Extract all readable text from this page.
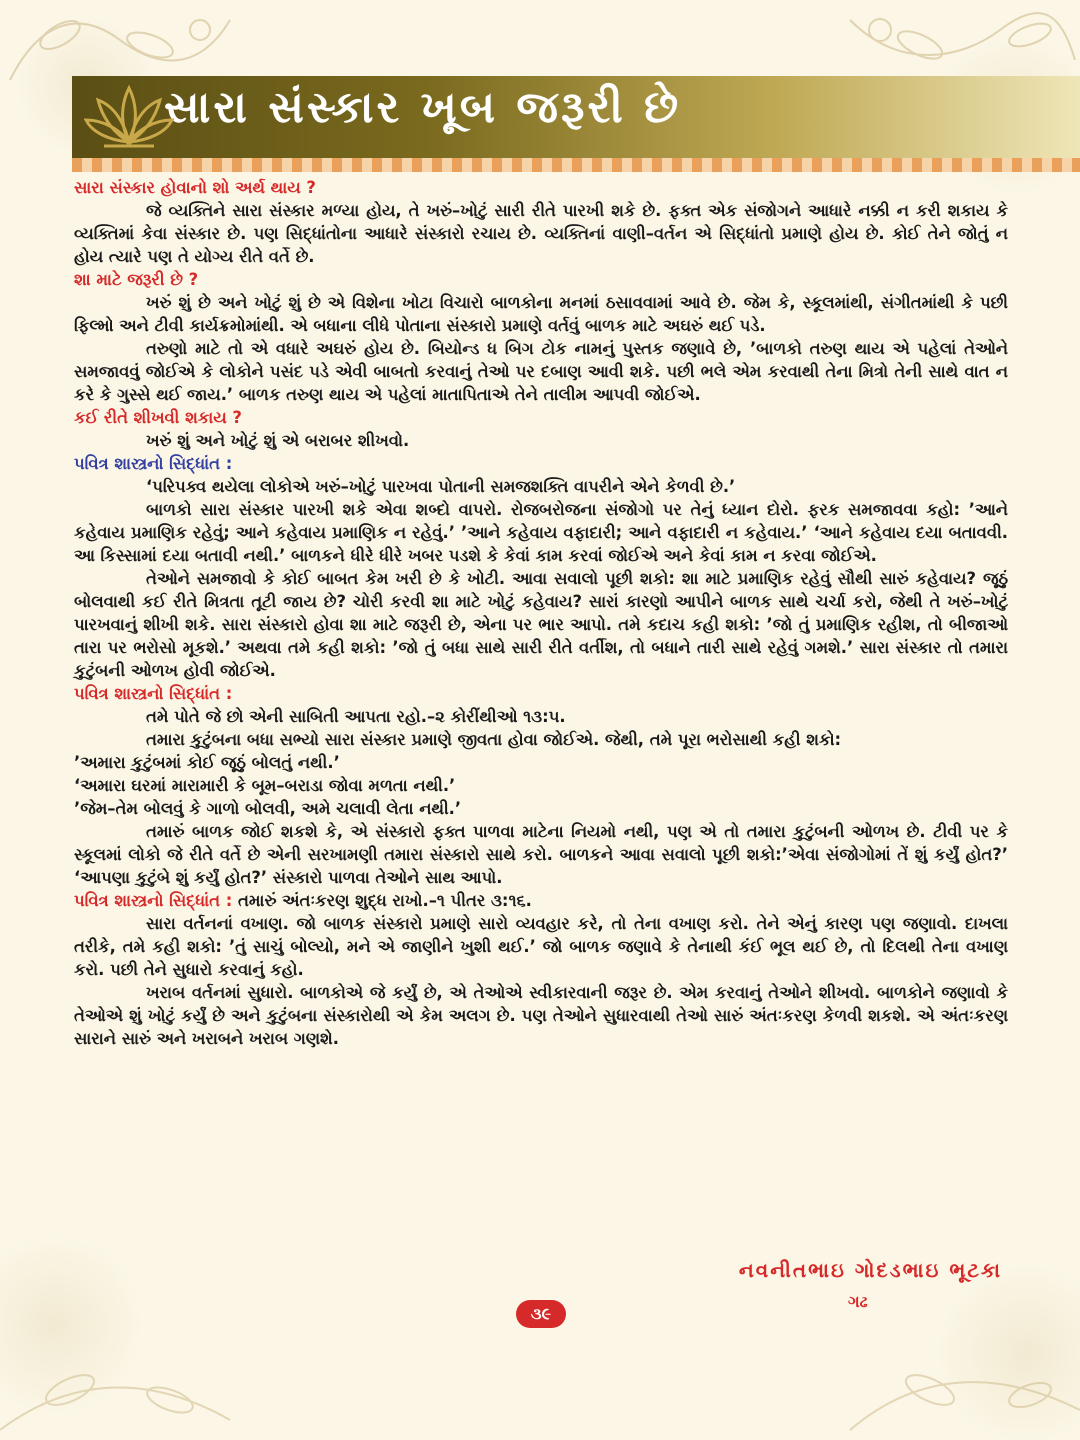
સારા સંસ્કાર ખૂબ જરૂરી છે

સારા સંસ્કાર હોવાનો શો અર્થ થાય ?

જે વ્યક્તિને સારા સંસ્કાર મળ્યા હોય, તે ખરું–ખોટું સારી રીતે પારખી શકે છે. ફક્ત એક સંજોગને આધારે નક્કી ન કરી શકાય કે વ્યક્તિમાં કેવા સંસ્કાર છે. પણ સિદ્ધાંતોના આધારે સંસ્કારો રચાય છે. વ્યક્તિનાં વાણી–વર્તન એ સિદ્ધાંતો પ્રમાણે હોય છે. કોઈ તેને જોતું ન હોય ત્યારે પણ તે યોગ્ય રીતે વર્તે છે.

શા માટે જરૂરી છે ?

ખરું શું છે અને ખોટું શું છે એ વિશેના ખોટા વિચારો બાળકોના મનમાં ઠસાવવામાં આવે છે. જેમ કે, સ્કૂલમાંથી, સંગીતમાંથી કે પછી ફિલ્મો અને ટીવી કાર્યક્રમોમાંથી. એ બધાના લીધે પોતાના સંસ્કારો પ્રમાણે વર્તવું બાળક માટે અઘરું થઈ પડે.

તરુણો માટે તો એ વધારે અઘરું હોય છે. બિયોન્ડ ધ બિગ ટોક નામનું પુસ્તક જણાવે છે, ’બાળકો તરુણ થાય એ પહેલાં તેઓને સમજાવવું જોઈએ કે લોકોને પસંદ પડે એવી બાબતો કરવાનું તેઓ પર દબાણ આવી શકે. પછી ભલે એમ કરવાથી તેના મિત્રો તેની સાથે વાત ન કરે કે ગુસ્સે થઈ જાય.’ બાળક તરુણ થાય એ પહેલાં માતાપિતાએ તેને તાલીમ આપવી જોઈએ.

કઈ રીતે શીખવી શકાય ?

ખરું શું અને ખોટું શું એ બરાબર શીખવો.

પવિત્ર શાસ્ત્રનો સિદ્ધાંત :

‘પરિપક્વ થયેલા લોકોએ ખરું–ખોટું પારખવા પોતાની સમજશક્તિ વાપરીને એને કેળવી છે.’

બાળકો સારા સંસ્કાર પારખી શકે એવા શબ્દો વાપરો. રોજબરોજના સંજોગો પર તેનું ધ્યાન દોરો. ફરક સમજાવવા કહો: ’આને કહેવાય પ્રમાણિક રહેવું; આને કહેવાય પ્રમાણિક ન રહેવું.’ ’આને કહેવાય વફાદારી; આને વફાદારી ન કહેવાય.’ ‘આને કહેવાય દયા બતાવવી. આ કિસ્સામાં દયા બતાવી નથી.’ બાળકને ધીરે ધીરે ખબર પડશે કે કેવાં કામ કરવાં જોઈએ અને કેવાં કામ ન કરવા જોઈએ.

તેઓને સમજાવો કે કોઈ બાબત કેમ ખરી છે કે ખોટી. આવા સવાલો પૂછી શકો: શા માટે પ્રમાણિક રહેવું સૌથી સારું કહેવાય? જૂઠું બોલવાથી કઈ રીતે મિત્રતા તૂટી જાય છે? ચોરી કરવી શા માટે ખોટું કહેવાય? સારાં કારણો આપીને બાળક સાથે ચર્ચા કરો, જેથી તે ખરું–ખોટું પારખવાનું શીખી શકે. સારા સંસ્કારો હોવા શા માટે જરૂરી છે, એના પર ભાર આપો. તમે કદાચ કહી શકો: ’જો તું પ્રમાણિક રહીશ, તો બીજાઓ તારા પર ભરોસો મૂકશે.’ અથવા તમે કહી શકો: ’જો તું બધા સાથે સારી રીતે વર્તીશ, તો બધાને તારી સાથે રહેવું ગમશે.’ સારા સંસ્કાર તો તમારા કુટુંબની ઓળખ હોવી જોઈએ.

પવિત્ર શાસ્ત્રનો સિદ્ધાંત :

તમે પોતે જે છો એની સાબિતી આપતા રહો.–૨ કોરીંથીઓ ૧૩:૫.

તમારા કુટુંબના બધા સભ્યો સારા સંસ્કાર પ્રમાણે જીવતા હોવા જોઈએ. જેથી, તમે પૂરા ભરોસાથી કહી શકો:

’અમારા કુટુંબમાં કોઈ જૂઠું બોલતું નથી.’

‘અમારા ઘરમાં મારામારી કે બૂમ–બરાડા જોવા મળતા નથી.’

’જેમ–તેમ બોલવું કે ગાળો બોલવી, અમે ચલાવી લેતા નથી.’

તમારું બાળક જોઈ શકશે કે, એ સંસ્કારો ફક્ત પાળવા માટેના નિયમો નથી, પણ એ તો તમારા કુટુંબની ઓળખ છે. ટીવી પર કે સ્કૂલમાં લોકો જે રીતે વર્તે છે એની સરખામણી તમારા સંસ્કારો સાથે કરો. બાળકને આવા સવાલો પૂછી શકો:’એવા સંજોગોમાં તેં શું કર્યું હોત?’ ‘આપણા કુટુંબે શું કર્યું હોત?’ સંસ્કારો પાળવા તેઓને સાથ આપો.

પવિત્ર શાસ્ત્રનો સિદ્ધાંત : તમારું અંતઃકરણ શુદ્ધ રાખો.–૧ પીતર ૩:૧૬.

સારા વર્તનનાં વખાણ. જો બાળક સંસ્કારો પ્રમાણે સારો વ્યવહાર કરે, તો તેના વખાણ કરો. તેને એનું કારણ પણ જણાવો. દાખલા તરીકે, તમે કહી શકો: ’તું સાચું બોલ્યો, મને એ જાણીને ખુશી થઈ.’ જો બાળક જણાવે કે તેનાથી કંઈ ભૂલ થઈ છે, તો દિલથી તેના વખાણ કરો. પછી તેને સુધારો કરવાનું કહો.

ખરાબ વર્તનમાં સુધારો. બાળકોએ જે કર્યું છે, એ તેઓએ સ્વીકારવાની જરૂર છે. એમ કરવાનું તેઓને શીખવો. બાળકોને જણાવો કે તેઓએ શું ખોટું કર્યું છે અને કુટુંબના સંસ્કારોથી એ કેમ અલગ છે. પણ તેઓને સુધારવાથી તેઓ સારું અંતઃકરણ કેળવી શકશે. એ અંતઃકરણ સારાને સારું અને ખરાબને ખરાબ ગણશે.

નવનીતભાઇ ગોદડભાઇ ભૂટકા
૩૯
ગઢ
